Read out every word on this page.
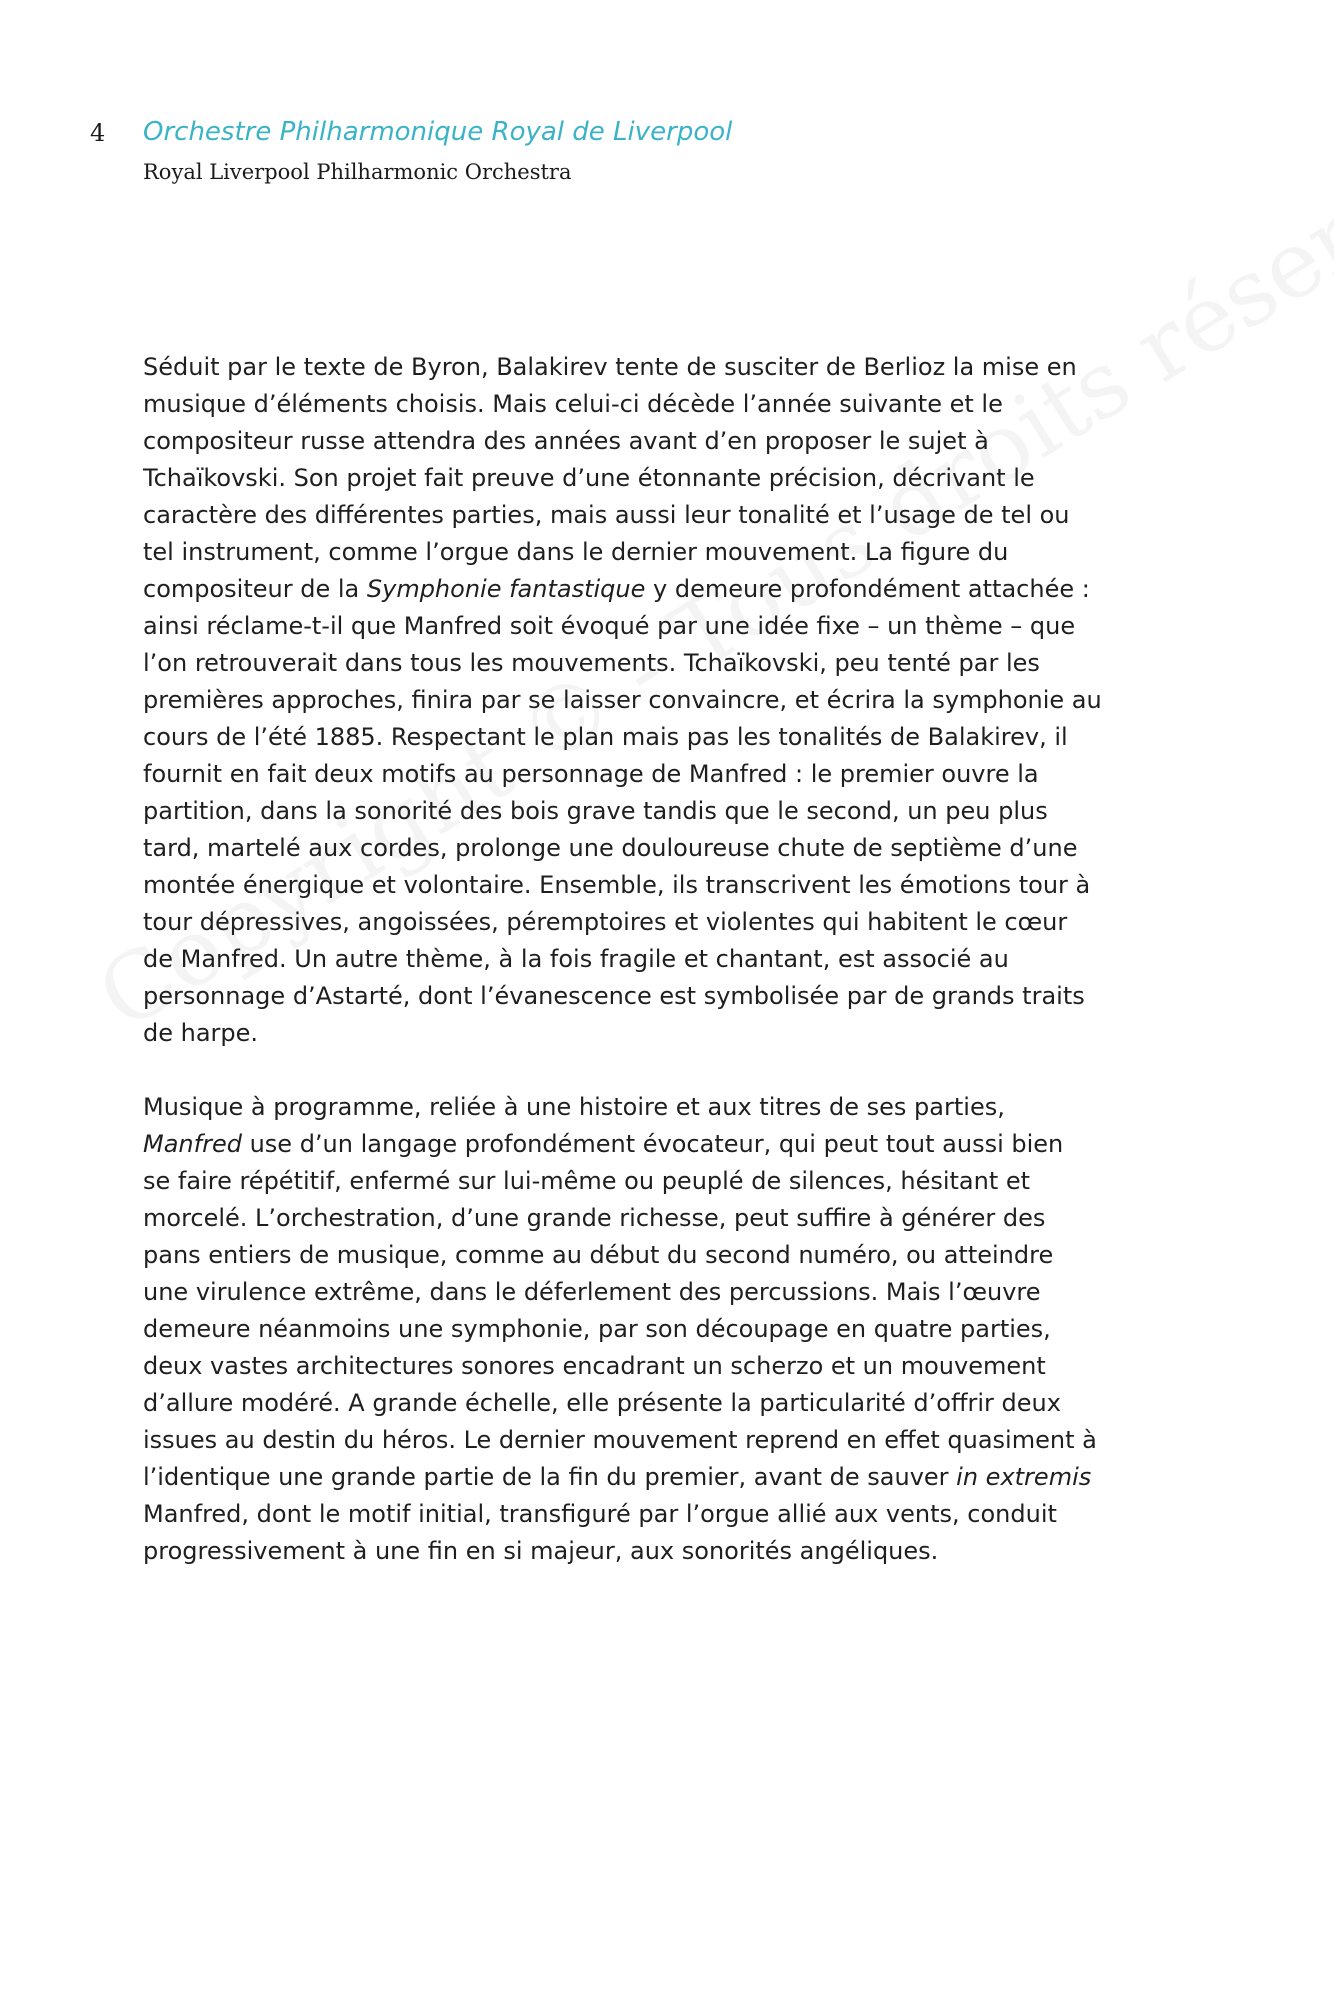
4 Orchestre Philharmonique Royal de Liverpool
Royal Liverpool Philharmonic Orchestra

Séduit par le texte de Byron, Balakirev tente de susciter de Berlioz la mise en
musique d’éléments choisis. Mais celui-ci décède l’année suivante et le
compositeur russe attendra des années avant d’en proposer le sujet à
Tchaïkovski. Son projet fait preuve d’une étonnante précision, décrivant le
caractère des différentes parties, mais aussi leur tonalité et l’usage de tel ou
tel instrument, comme l’orgue dans le dernier mouvement. La figure du
compositeur de la Symphonie fantastique y demeure profondément attachée :
ainsi réclame-t-il que Manfred soit évoqué par une idée fixe – un thème – que
l’on retrouverait dans tous les mouvements. Tchaïkovski, peu tenté par les
premières approches, finira par se laisser convaincre, et écrira la symphonie au
cours de l’été 1885. Respectant le plan mais pas les tonalités de Balakirev, il
fournit en fait deux motifs au personnage de Manfred : le premier ouvre la
partition, dans la sonorité des bois grave tandis que le second, un peu plus
tard, martelé aux cordes, prolonge une douloureuse chute de septième d’une
montée énergique et volontaire. Ensemble, ils transcrivent les émotions tour à
tour dépressives, angoissées, péremptoires et violentes qui habitent le cœur
de Manfred. Un autre thème, à la fois fragile et chantant, est associé au
personnage d’Astarté, dont l’évanescence est symbolisée par de grands traits
de harpe.

Musique à programme, reliée à une histoire et aux titres de ses parties,
Manfred use d’un langage profondément évocateur, qui peut tout aussi bien
se faire répétitif, enfermé sur lui-même ou peuplé de silences, hésitant et
morcelé. L’orchestration, d’une grande richesse, peut suffire à générer des
pans entiers de musique, comme au début du second numéro, ou atteindre
une virulence extrême, dans le déferlement des percussions. Mais l’œuvre
demeure néanmoins une symphonie, par son découpage en quatre parties,
deux vastes architectures sonores encadrant un scherzo et un mouvement
d’allure modéré. A grande échelle, elle présente la particularité d’offrir deux
issues au destin du héros. Le dernier mouvement reprend en effet quasiment à
l’identique une grande partie de la fin du premier, avant de sauver in extremis
Manfred, dont le motif initial, transfiguré par l’orgue allié aux vents, conduit
progressivement à une fin en si majeur, aux sonorités angéliques.
